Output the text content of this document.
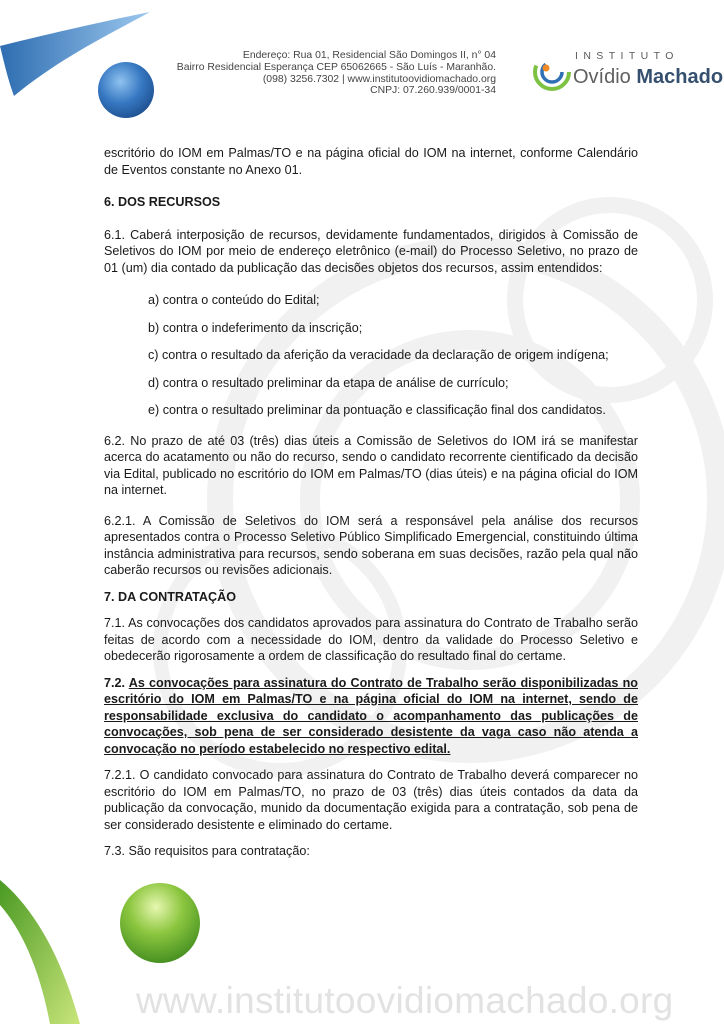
Endereço: Rua 01, Residencial São Domingos II, n° 04
Bairro Residencial Esperança CEP 65062665 - São Luís - Maranhão.
(098) 3256.7302 | www.institutoovidiomachado.org
CNPJ: 07.260.939/0001-34
INSTITUTO
Ovídio Machado

escritório do IOM em Palmas/TO e na página oficial do IOM na internet, conforme Calendário de Eventos constante no Anexo 01.

6. DOS RECURSOS

6.1. Caberá interposição de recursos, devidamente fundamentados, dirigidos à Comissão de Seletivos do IOM por meio de endereço eletrônico (e-mail) do Processo Seletivo, no prazo de 01 (um) dia contado da publicação das decisões objetos dos recursos, assim entendidos:

a) contra o conteúdo do Edital;

b) contra o indeferimento da inscrição;

c) contra o resultado da aferição da veracidade da declaração de origem indígena;

d) contra o resultado preliminar da etapa de análise de currículo;

e) contra o resultado preliminar da pontuação e classificação final dos candidatos.

6.2. No prazo de até 03 (três) dias úteis a Comissão de Seletivos do IOM irá se manifestar acerca do acatamento ou não do recurso, sendo o candidato recorrente cientificado da decisão via Edital, publicado no escritório do IOM em Palmas/TO (dias úteis) e na página oficial do IOM na internet.

6.2.1. A Comissão de Seletivos do IOM será a responsável pela análise dos recursos apresentados contra o Processo Seletivo Público Simplificado Emergencial, constituindo última instância administrativa para recursos, sendo soberana em suas decisões, razão pela qual não caberão recursos ou revisões adicionais.

7. DA CONTRATAÇÃO

7.1. As convocações dos candidatos aprovados para assinatura do Contrato de Trabalho serão feitas de acordo com a necessidade do IOM, dentro da validade do Processo Seletivo e obedecerão rigorosamente a ordem de classificação do resultado final do certame.

7.2. As convocações para assinatura do Contrato de Trabalho serão disponibilizadas no escritório do IOM em Palmas/TO e na página oficial do IOM na internet, sendo de responsabilidade exclusiva do candidato o acompanhamento das publicações de convocações, sob pena de ser considerado desistente da vaga caso não atenda a convocação no período estabelecido no respectivo edital.

7.2.1. O candidato convocado para assinatura do Contrato de Trabalho deverá comparecer no escritório do IOM em Palmas/TO, no prazo de 03 (três) dias úteis contados da data da publicação da convocação, munido da documentação exigida para a contratação, sob pena de ser considerado desistente e eliminado do certame.

7.3. São requisitos para contratação:

www.institutoovidiomachado.org
